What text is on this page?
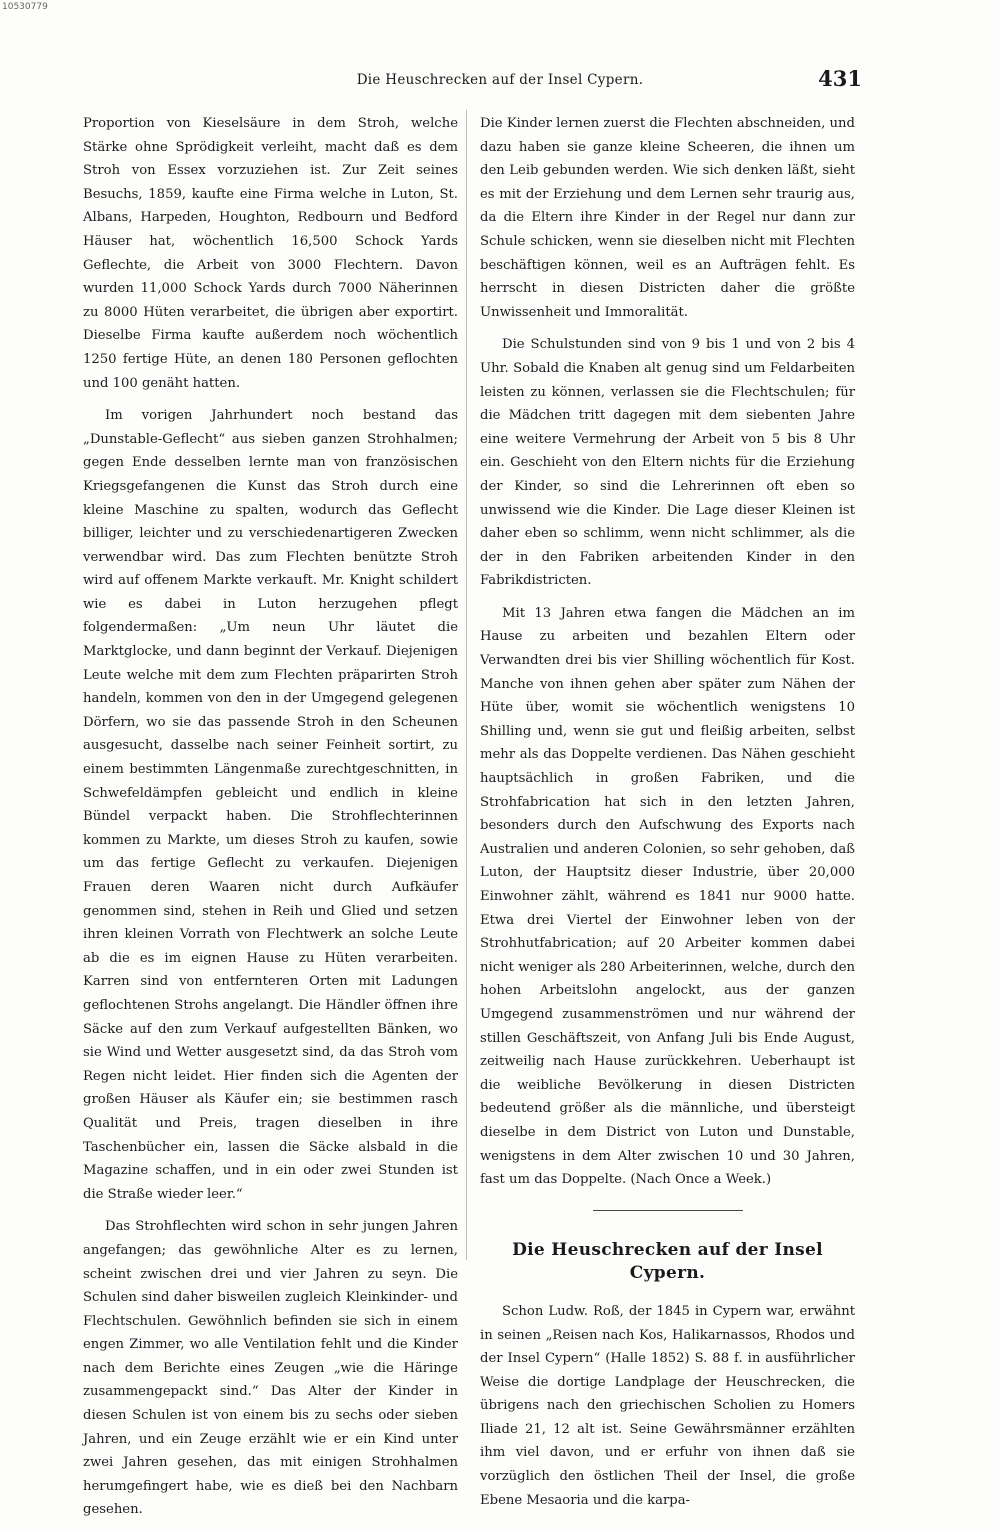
10530779
Die Heuschrecken auf der Insel Cypern.	431

Proportion von Kieselsäure in dem Stroh, welche Stärke ohne Sprödigkeit verleiht, macht daß es dem Stroh von Essex vorzuziehen ist. Zur Zeit seines Besuchs, 1859, kaufte eine Firma welche in Luton, St. Albans, Harpeden, Houghton, Redbourn und Bedford Häuser hat, wöchentlich 16,500 Schock Yards Geflechte, die Arbeit von 3000 Flechtern. Davon wurden 11,000 Schock Yards durch 7000 Näherinnen zu 8000 Hüten verarbeitet, die übrigen aber exportirt. Dieselbe Firma kaufte außerdem noch wöchentlich 1250 fertige Hüte, an denen 180 Personen geflochten und 100 genäht hatten.

Im vorigen Jahrhundert noch bestand das „Dunstable-Geflecht“ aus sieben ganzen Strohhalmen; gegen Ende desselben lernte man von französischen Kriegsgefangenen die Kunst das Stroh durch eine kleine Maschine zu spalten, wodurch das Geflecht billiger, leichter und zu verschiedenartigeren Zwecken verwendbar wird. Das zum Flechten benützte Stroh wird auf offenem Markte verkauft. Mr. Knight schildert wie es dabei in Luton herzugehen pflegt folgendermaßen: „Um neun Uhr läutet die Marktglocke, und dann beginnt der Verkauf. Diejenigen Leute welche mit dem zum Flechten präparirten Stroh handeln, kommen von den in der Umgegend gelegenen Dörfern, wo sie das passende Stroh in den Scheunen ausgesucht, dasselbe nach seiner Feinheit sortirt, zu einem bestimmten Längenmaße zurechtgeschnitten, in Schwefeldämpfen gebleicht und endlich in kleine Bündel verpackt haben. Die Strohflechterinnen kommen zu Markte, um dieses Stroh zu kaufen, sowie um das fertige Geflecht zu verkaufen. Diejenigen Frauen deren Waaren nicht durch Aufkäufer genommen sind, stehen in Reih und Glied und setzen ihren kleinen Vorrath von Flechtwerk an solche Leute ab die es im eignen Hause zu Hüten verarbeiten. Karren sind von entfernteren Orten mit Ladungen geflochtenen Strohs angelangt. Die Händler öffnen ihre Säcke auf den zum Verkauf aufgestellten Bänken, wo sie Wind und Wetter ausgesetzt sind, da das Stroh vom Regen nicht leidet. Hier finden sich die Agenten der großen Häuser als Käufer ein; sie bestimmen rasch Qualität und Preis, tragen dieselben in ihre Taschenbücher ein, lassen die Säcke alsbald in die Magazine schaffen, und in ein oder zwei Stunden ist die Straße wieder leer.“

Das Strohflechten wird schon in sehr jungen Jahren angefangen; das gewöhnliche Alter es zu lernen, scheint zwischen drei und vier Jahren zu seyn. Die Schulen sind daher bisweilen zugleich Kleinkinder- und Flechtschulen. Gewöhnlich befinden sie sich in einem engen Zimmer, wo alle Ventilation fehlt und die Kinder nach dem Berichte eines Zeugen „wie die Häringe zusammengepackt sind.“ Das Alter der Kinder in diesen Schulen ist von einem bis zu sechs oder sieben Jahren, und ein Zeuge erzählt wie er ein Kind unter zwei Jahren gesehen, das mit einigen Strohhalmen herumgefingert habe, wie es dieß bei den Nachbarn gesehen.

Die Kinder lernen zuerst die Flechten abschneiden, und dazu haben sie ganze kleine Scheeren, die ihnen um den Leib gebunden werden. Wie sich denken läßt, sieht es mit der Erziehung und dem Lernen sehr traurig aus, da die Eltern ihre Kinder in der Regel nur dann zur Schule schicken, wenn sie dieselben nicht mit Flechten beschäftigen können, weil es an Aufträgen fehlt. Es herrscht in diesen Districten daher die größte Unwissenheit und Immoralität.

Die Schulstunden sind von 9 bis 1 und von 2 bis 4 Uhr. Sobald die Knaben alt genug sind um Feldarbeiten leisten zu können, verlassen sie die Flechtschulen; für die Mädchen tritt dagegen mit dem siebenten Jahre eine weitere Vermehrung der Arbeit von 5 bis 8 Uhr ein. Geschieht von den Eltern nichts für die Erziehung der Kinder, so sind die Lehrerinnen oft eben so unwissend wie die Kinder. Die Lage dieser Kleinen ist daher eben so schlimm, wenn nicht schlimmer, als die der in den Fabriken arbeitenden Kinder in den Fabrikdistricten.

Mit 13 Jahren etwa fangen die Mädchen an im Hause zu arbeiten und bezahlen Eltern oder Verwandten drei bis vier Shilling wöchentlich für Kost. Manche von ihnen gehen aber später zum Nähen der Hüte über, womit sie wöchentlich wenigstens 10 Shilling und, wenn sie gut und fleißig arbeiten, selbst mehr als das Doppelte verdienen. Das Nähen geschieht hauptsächlich in großen Fabriken, und die Strohfabrication hat sich in den letzten Jahren, besonders durch den Aufschwung des Exports nach Australien und anderen Colonien, so sehr gehoben, daß Luton, der Hauptsitz dieser Industrie, über 20,000 Einwohner zählt, während es 1841 nur 9000 hatte. Etwa drei Viertel der Einwohner leben von der Strohhutfabrication; auf 20 Arbeiter kommen dabei nicht weniger als 280 Arbeiterinnen, welche, durch den hohen Arbeitslohn angelockt, aus der ganzen Umgegend zusammenströmen und nur während der stillen Geschäftszeit, von Anfang Juli bis Ende August, zeitweilig nach Hause zurückkehren. Ueberhaupt ist die weibliche Bevölkerung in diesen Districten bedeutend größer als die männliche, und übersteigt dieselbe in dem District von Luton und Dunstable, wenigstens in dem Alter zwischen 10 und 30 Jahren, fast um das Doppelte. (Nach Once a Week.)

Die Heuschrecken auf der Insel Cypern.

Schon Ludw. Roß, der 1845 in Cypern war, erwähnt in seinen „Reisen nach Kos, Halikarnassos, Rhodos und der Insel Cypern“ (Halle 1852) S. 88 f. in ausführlicher Weise die dortige Landplage der Heuschrecken, die übrigens nach den griechischen Scholien zu Homers Iliade 21, 12 alt ist. Seine Gewährsmänner erzählten ihm viel davon, und er erfuhr von ihnen daß sie vorzüglich den östlichen Theil der Insel, die große Ebene Mesaoria und die karpa-
